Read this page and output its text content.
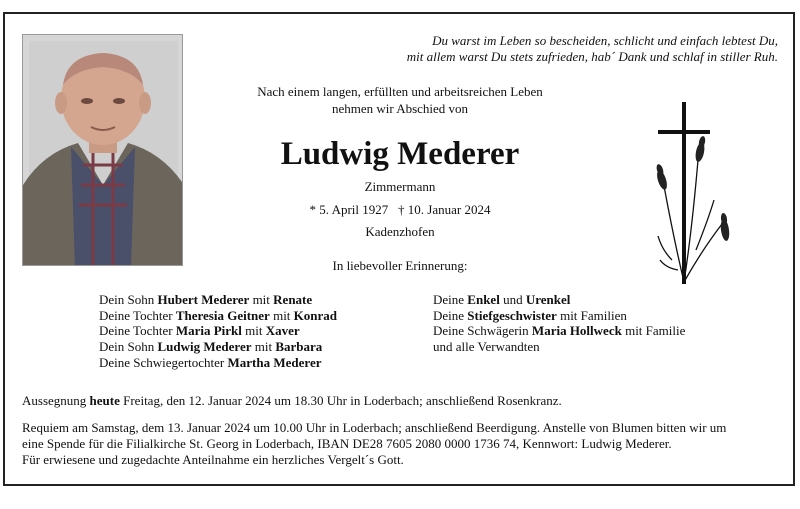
Du warst im Leben so bescheiden, schlicht und einfach lebtest Du,
mit allem warst Du stets zufrieden, hab´ Dank und schlaf in stiller Ruh.
Nach einem langen, erfüllten und arbeitsreichen Leben
nehmen wir Abschied von
Ludwig Mederer
Zimmermann
* 5. April 1927   † 10. Januar 2024
Kadenzhofen
In liebevoller Erinnerung:
Dein Sohn Hubert Mederer mit Renate
Deine Tochter Theresia Geitner mit Konrad
Deine Tochter Maria Pirkl mit Xaver
Dein Sohn Ludwig Mederer mit Barbara
Deine Schwiegertochter Martha Mederer
Deine Enkel und Urenkel
Deine Stiefgeschwister mit Familien
Deine Schwägerin Maria Hollweck mit Familie
und alle Verwandten
Aussegnung heute Freitag, den 12. Januar 2024 um 18.30 Uhr in Loderbach; anschließend Rosenkranz.
Requiem am Samstag, dem 13. Januar 2024 um 10.00 Uhr in Loderbach; anschließend Beerdigung. Anstelle von Blumen bitten wir um
eine Spende für die Filialkirche St. Georg in Loderbach, IBAN DE28 7605 2080 0000 1736 74, Kennwort: Ludwig Mederer.
Für erwiesene und zugedachte Anteilnahme ein herzliches Vergelt´s Gott.
